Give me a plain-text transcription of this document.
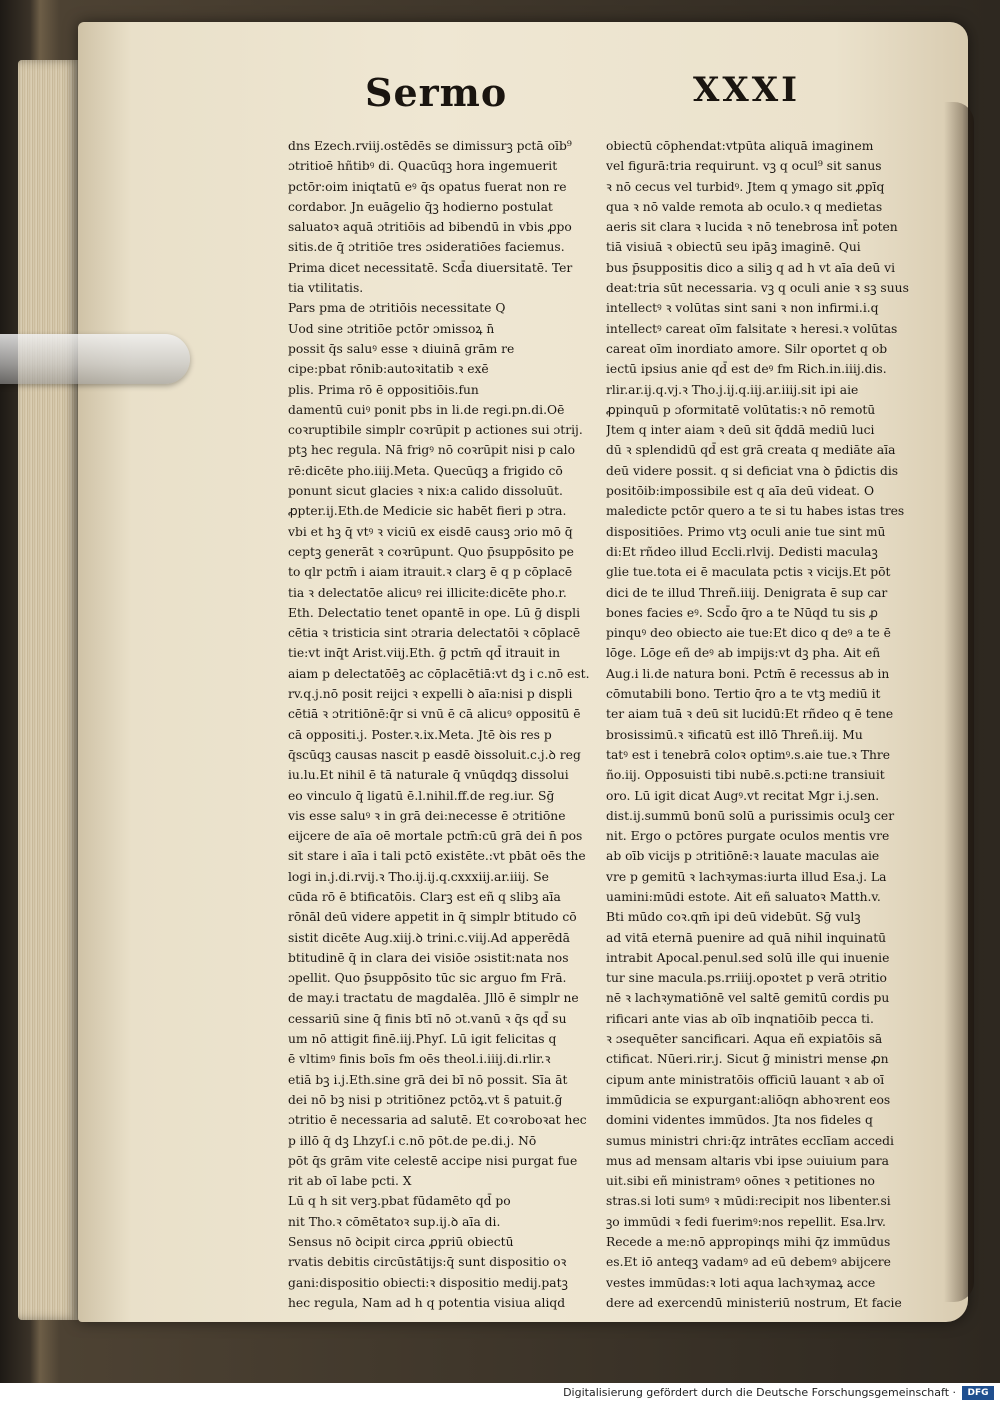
Sermo	XXXI
dns Ezech.rviij.ostēdēs se dimissurꝫ pctā oīb⁹
ɔtritioē hñtibꝰ di. Quacūqꝫ hora ingemuerit
pctōr:oim iniqtatū eꝰ q̄s opatus fuerat non re
cordabor. Jn euāgelio q̄ꝫ hodierno postulat
saluatoꝛ aquā ɔtritiōis ad bibendū in vbis ꝓpo
sitis.de q̄ ɔtritiōe tres ɔsideratiōes faciemus.
Prima dicet necessitatē. Scd̄a diuersitatē. Ter
tia vtilitatis.
Pars pma de ɔtritiōis necessitate Q
Uod sine ɔtritiōe pctōr ɔmissoꝝ n̄
possit q̄s saluꝰ esse ꝛ diuinā grām re
cipe:pbat rōnib:autoꝛitatib ꝛ exē
plis. Prima rō ē oppositiōis.fun
damentū cuiꝰ ponit pbs in li.de regi.pn.di.Oē
coꝛruptibile simplr coꝛrūpit p actiones sui ɔtrij.
ptꝫ hec regula. Nā frigꝰ nō coꝛrūpit nisi p calo
rē:dicēte pho.iiij.Meta. Quecūqꝫ a frigido cō
ponunt sicut glacies ꝛ nix:a calido dissoluūt.
ꝓpter.ij.Eth.de Medicie sic habēt fieri p ɔtra.
vbi et hꝫ q̄ vtꝰ ꝛ viciū ex eisdē causꝫ ɔrio mō q̄
ceptꝫ generāt ꝛ coꝛrūpunt. Quo p̄suppōsito pe
to qlr pctm̄ i aiam itrauit.ꝛ clarꝫ ē q p cōplacē
tia ꝛ delectatōe alicuꝰ rei illicite:dicēte pho.r.
Eth. Delectatio tenet opantē in ope. Lū ḡ displi
cētia ꝛ tristicia sint ɔtraria delectatōi ꝛ cōplacē
tie:vt inq̄t Arist.viij.Eth. ḡ pctm̄ qd̄ itrauit in
aiam p delectatōēꝫ ac cōplacētiā:vt dꝫ i c.nō est.
rv.q.j.nō posit reijci ꝛ expelli ꝺ aīa:nisi p displi
cētiā ꝛ ɔtritiōnē:q̄r si vnū ē cā alicuꝰ oppositū ē
cā oppositi.j. Poster.ꝛ.ix.Meta. Jtē ꝺis res p
q̄scūqꝫ causas nascit p easdē ꝺissoluit.c.j.ꝺ reg
iu.lu.Et nihil ē tā naturale q̄ vnūqdqꝫ dissolui
eo vinculo q̄ ligatū ē.l.nihil.ff.de reg.iur. Sḡ
vis esse saluꝰ ꝛ in grā dei:necesse ē ɔtritiōne
eijcere de aīa oē mortale pctm̄:cū grā dei n̄ pos
sit stare i aīa i tali pctō existēte.:vt pbāt oēs the
logi in.j.di.rvij.ꝛ Tho.ij.ij.q.cxxxiij.ar.iiij. Se
cūda rō ē btificatōis. Clarꝫ est eñ q slibꝫ aīa
rōnāl deū videre appetit in q̄ simplr btitudo cō
sistit dicēte Aug.xiij.ꝺ trini.c.viij.Ad apperēdā
btitudinē q̄ in clara dei visiōe ɔsistit:nata nos
ɔpellit. Quo p̄suppōsito tūc sic arguo fm Frā.
de may.i tractatu de magdalēa. Jllō ē simplr ne
cessariū sine q̄ finis btī nō ɔt.vanū ꝛ q̄s qd̄ su
um nō attigit finē.iij.Phyſ. Lū igit felicitas q
ē vltimꝰ finis boīs fm oēs theol.i.iiij.di.rlir.ꝛ
etiā bꝫ i.j.Eth.sine grā dei bī nō possit. Sīa āt
dei nō bꝫ nisi p ɔtritiōnez pctōꝝ.vt s̄ patuit.ḡ
ɔtritio ē necessaria ad salutē. Et coꝛroboꝛat hec
p illō q̄ dꝫ Lhzyſ.i c.nō pōt.de pe.di.j. Nō
pōt q̄s grām vite celestē accipe nisi purgat fue
rit ab oī labe pcti. X
Lū q h sit verꝫ.pbat fūdamēto qd̄ po
nit Tho.ꝛ cōmētatoꝛ sup.ij.ꝺ aīa di.
Sensus nō ꝺcipit circa ꝓpriū obiectū
rvatis debitis circūstātijs:q̄ sunt dispositio oꝛ
gani:dispositio obiecti:ꝛ dispositio medij.patꝫ
hec regula, Nam ad h q potentia visiua aliqd
obiectū cōphendat:vtpūta aliquā imaginem
vel figurā:tria requirunt. vꝫ q ocul⁹ sit sanus
ꝛ nō cecus vel turbidꝰ. Jtem q ymago sit ꝓpīq
qua ꝛ nō valde remota ab oculo.ꝛ q medietas
aeris sit clara ꝛ lucida ꝛ nō tenebrosa int̄ poten
tiā visiuā ꝛ obiectū seu ipāꝫ imaginē. Qui
bus p̄suppositis dico a siliꝫ q ad h vt aīa deū vi
deat:tria sūt necessaria. vꝫ q oculi anie ꝛ sꝫ suus
intellectꝰ ꝛ volūtas sint sani ꝛ non infirmi.i.q
intellectꝰ careat oīm falsitate ꝛ heresi.ꝛ volūtas
careat oīm inordiato amore. Silr oportet q ob
iectū ipsius anie qd̄ est deꝰ fm Rich.in.iiij.dis.
rlir.ar.ij.q.vj.ꝛ Tho.j.ij.q.iij.ar.iiij.sit ipi aie
ꝓpinquū p ɔformitatē volūtatis:ꝛ nō remotū
Jtem q inter aiam ꝛ deū sit q̄ddā mediū luci
dū ꝛ splendidū qd̄ est grā creata q mediāte aīa
deū videre possit. q si deficiat vna ꝺ p̄dictis dis
positōib:impossibile est q aīa deū videat. O
maledicte pctōr quero a te si tu habes istas tres
dispositiōes. Primo vtꝫ oculi anie tue sint mū
di:Et rñdeo illud Eccli.rlvij. Dedisti maculaꝫ
glie tue.tota ei ē maculata pctis ꝛ vicijs.Et pōt
dici de te illud Threñ.iiij. Denigrata ē sup car
bones facies eꝰ. Scd̄o q̄ro a te Nūqd tu sis ꝓ
pinquꝰ deo obiecto aie tue:Et dico q deꝰ a te ē
lōge. Lōge eñ deꝰ ab impijs:vt dꝫ pha. Ait eñ
Aug.i li.de natura boni. Pctm̄ ē recessus ab in
cōmutabili bono. Tertio q̄ro a te vtꝫ mediū it
ter aiam tuā ꝛ deū sit lucidū:Et rñdeo q ē tene
brosissimū.ꝛ ꝛificatū est illō Threñ.iij. Mu
tatꝰ est i tenebrā coloꝛ optimꝰ.s.aie tue.ꝛ Thre
ño.iij. Opposuisti tibi nubē.s.pcti:ne transiuit
oro. Lū igit dicat Augꝰ.vt recitat Mgr i.j.sen.
dist.ij.summū bonū solū a purissimis oculꝫ cer
nit. Ergo o pctōres purgate oculos mentis vre
ab oīb vicijs p ɔtritiōnē:ꝛ lauate maculas aie
vre p gemitū ꝛ lachꝛymas:iurta illud Esa.j. La
uamini:mūdi estote. Ait eñ saluatoꝛ Matth.v.
Bti mūdo coꝛ.qm̄ ipi deū videbūt. Sḡ vulꝫ
ad vitā eternā puenire ad quā nihil inquinatū
intrabit Apocal.penul.sed solū ille qui inuenie
tur sine macula.ps.rriiij.opoꝛtet p verā ɔtritio
nē ꝛ lachꝛymatiōnē vel saltē gemitū cordis pu
rificari ante vias ab oīb inqnatiōib pecca ti.
ꝛ ɔsequēter sancificari. Aqua eñ expiatōis sā
ctificat. Nūeri.rir.j. Sicut ḡ ministri mense ꝓn
cipum ante ministratōis officiū lauant ꝛ ab oī
immūdicia se expurgant:aliōqn abhoꝛrent eos
domini videntes immūdos. Jta nos fideles q
sumus ministri chri:q̄z intrātes ecclīam accedi
mus ad mensam altaris vbi ipse ɔuiuium para
uit.sibi eñ ministramꝰ oōnes ꝛ petitiones no
stras.si loti sumꝰ ꝛ mūdi:recipit nos libenter.si
ꝫo immūdi ꝛ fedi fuerimꝰ:nos repellit. Esa.lrv.
Recede a me:nō appropinqs mihi q̄z immūdus
es.Et iō anteqꝫ vadamꝰ ad eū debemꝰ abijcere
vestes immūdas:ꝛ loti aqua lachꝛymaꝝ acce
dere ad exercendū ministeriū nostrum, Et facie
Digitalisierung gefördert durch die Deutsche Forschungsgemeinschaft ·	DFG
